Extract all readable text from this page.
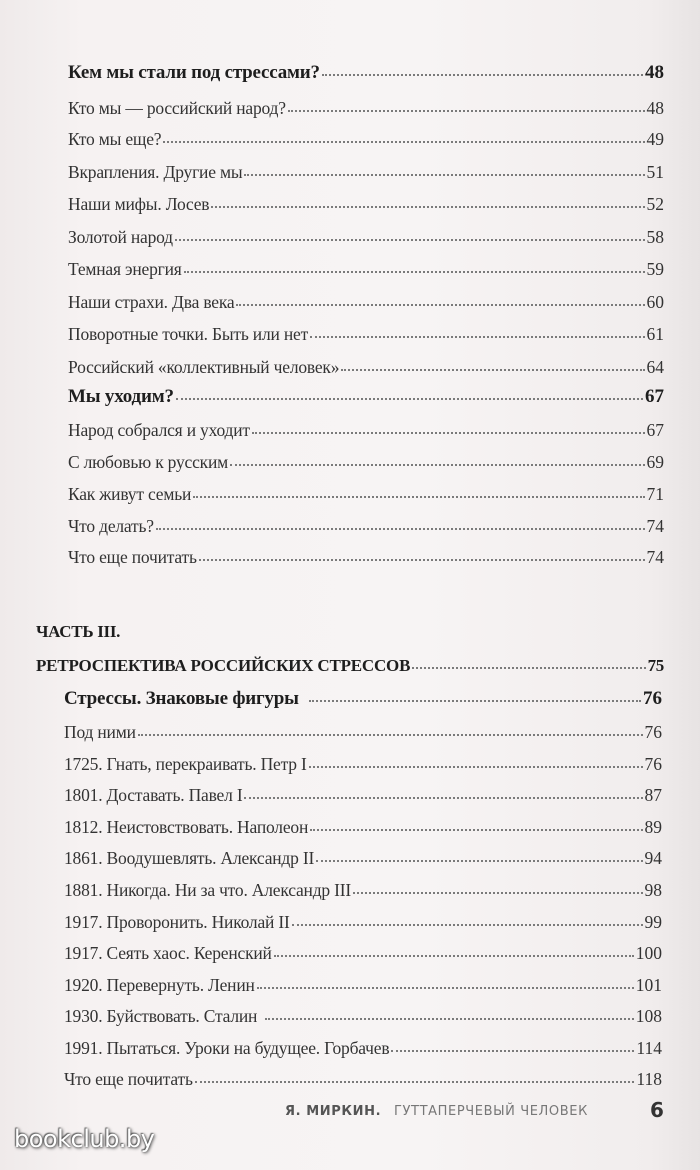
Кем мы стали под стрессами?	48
Кто мы — российский народ?	48
Кто мы еще?	49
Вкрапления. Другие мы	51
Наши мифы. Лосев	52
Золотой народ	58
Темная энергия	59
Наши страхи. Два века	60
Поворотные точки. Быть или нет	61
Российский «коллективный человек»	64
Мы уходим?	67
Народ собрался и уходит	67
С любовью к русским	69
Как живут семьи	71
Что делать?	74
Что еще почитать	74
ЧАСТЬ III.
РЕТРОСПЕКТИВА РОССИЙСКИХ СТРЕССОВ	75
Стрессы. Знаковые фигуры	76
Под ними	76
1725. Гнать, перекраивать. Петр I	76
1801. Доставать. Павел I	87
1812. Неистовствовать. Наполеон	89
1861. Воодушевлять. Александр II	94
1881. Никогда. Ни за что. Александр III	98
1917. Проворонить. Николай II	99
1917. Сеять хаос. Керенский	100
1920. Перевернуть. Ленин	101
1930. Буйствовать. Сталин	108
1991. Пытаться. Уроки на будущее. Горбачев	114
Что еще почитать	118
Я. МИРКИН. ГУТТАПЕРЧЕВЫЙ ЧЕЛОВЕК	6
bookclub.by
